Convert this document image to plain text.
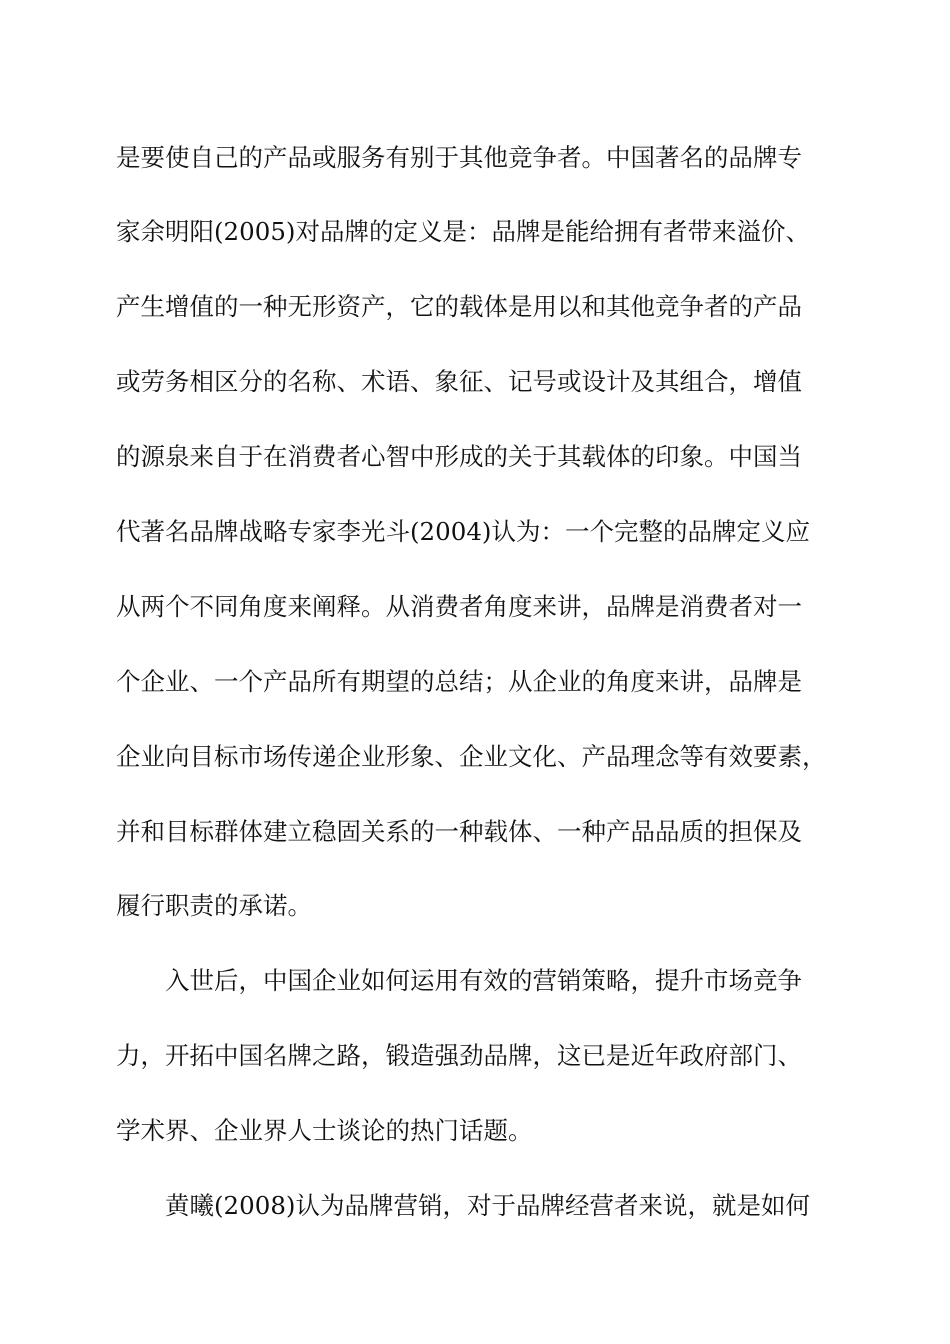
是要使自己的产品或服务有别于其他竞争者。中国著名的品牌专
家余明阳(2005)对品牌的定义是：品牌是能给拥有者带来溢价、
产生增值的一种无形资产，它的载体是用以和其他竞争者的产品
或劳务相区分的名称、术语、象征、记号或设计及其组合，增值
的源泉来自于在消费者心智中形成的关于其载体的印象。中国当
代著名品牌战略专家李光斗(2004)认为：一个完整的品牌定义应
从两个不同角度来阐释。从消费者角度来讲，品牌是消费者对一
个企业、一个产品所有期望的总结；从企业的角度来讲，品牌是
企业向目标市场传递企业形象、企业文化、产品理念等有效要素，
并和目标群体建立稳固关系的一种载体、一种产品品质的担保及
履行职责的承诺。
入世后，中国企业如何运用有效的营销策略，提升市场竞争
力，开拓中国名牌之路，锻造强劲品牌，这已是近年政府部门、
学术界、企业界人士谈论的热门话题。
黄曦(2008)认为品牌营销，对于品牌经营者来说，就是如何
